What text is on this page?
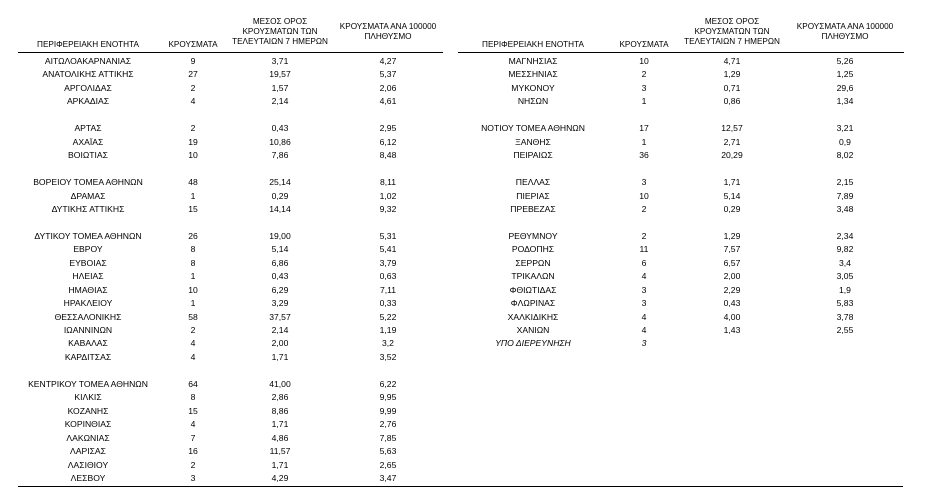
ΠΕΡΙΦΕΡΕΙΑΚΗ ΕΝΟΤΗΤΑ	ΚΡΟΥΣΜΑΤΑ
ΜΕΣΟΣ ΟΡΟΣ
ΚΡΟΥΣΜΑΤΩΝ ΤΩΝ
ΤΕΛΕΥΤΑΙΩΝ 7 ΗΜΕΡΩΝ
ΚΡΟΥΣΜΑΤΑ ΑΝΑ 100000
ΠΛΗΘΥΣΜΟ
ΑΙΤΩΛΟΑΚΑΡΝΑΝΙΑΣ	9	3,71	4,27
ΑΝΑΤΟΛΙΚΗΣ ΑΤΤΙΚΗΣ	27	19,57	5,37
ΑΡΓΟΛΙΔΑΣ	2	1,57	2,06
ΑΡΚΑΔΙΑΣ	4	2,14	4,61
ΑΡΤΑΣ	2	0,43	2,95
ΑΧΑΪΑΣ	19	10,86	6,12
ΒΟΙΩΤΙΑΣ	10	7,86	8,48
ΒΟΡΕΙΟΥ ΤΟΜΕΑ ΑΘΗΝΩΝ	48	25,14	8,11
ΔΡΑΜΑΣ	1	0,29	1,02
ΔΥΤΙΚΗΣ ΑΤΤΙΚΗΣ	15	14,14	9,32
ΔΥΤΙΚΟΥ ΤΟΜΕΑ ΑΘΗΝΩΝ	26	19,00	5,31
ΕΒΡΟΥ	8	5,14	5,41
ΕΥΒΟΙΑΣ	8	6,86	3,79
ΗΛΕΙΑΣ	1	0,43	0,63
ΗΜΑΘΙΑΣ	10	6,29	7,11
ΗΡΑΚΛΕΙΟΥ	1	3,29	0,33
ΘΕΣΣΑΛΟΝΙΚΗΣ	58	37,57	5,22
ΙΩΑΝΝΙΝΩΝ	2	2,14	1,19
ΚΑΒΑΛΑΣ	4	2,00	3,2
ΚΑΡΔΙΤΣΑΣ	4	1,71	3,52
ΚΕΝΤΡΙΚΟΥ ΤΟΜΕΑ ΑΘΗΝΩΝ	64	41,00	6,22
ΚΙΛΚΙΣ	8	2,86	9,95
ΚΟΖΑΝΗΣ	15	8,86	9,99
ΚΟΡΙΝΘΙΑΣ	4	1,71	2,76
ΛΑΚΩΝΙΑΣ	7	4,86	7,85
ΛΑΡΙΣΑΣ	16	11,57	5,63
ΛΑΣΙΘΙΟΥ	2	1,71	2,65
ΛΕΣΒΟΥ	3	4,29	3,47
ΠΕΡΙΦΕΡΕΙΑΚΗ ΕΝΟΤΗΤΑ	ΚΡΟΥΣΜΑΤΑ
ΜΕΣΟΣ ΟΡΟΣ
ΚΡΟΥΣΜΑΤΩΝ ΤΩΝ
ΤΕΛΕΥΤΑΙΩΝ 7 ΗΜΕΡΩΝ
ΚΡΟΥΣΜΑΤΑ ΑΝΑ 100000
ΠΛΗΘΥΣΜΟ
ΜΑΓΝΗΣΙΑΣ	10	4,71	5,26
ΜΕΣΣΗΝΙΑΣ	2	1,29	1,25
ΜΥΚΟΝΟΥ	3	0,71	29,6
ΝΗΣΩΝ	1	0,86	1,34
ΝΟΤΙΟΥ ΤΟΜΕΑ ΑΘΗΝΩΝ	17	12,57	3,21
ΞΑΝΘΗΣ	1	2,71	0,9
ΠΕΙΡΑΙΩΣ	36	20,29	8,02
ΠΕΛΛΑΣ	3	1,71	2,15
ΠΙΕΡΙΑΣ	10	5,14	7,89
ΠΡΕΒΕΖΑΣ	2	0,29	3,48
ΡΕΘΥΜΝΟΥ	2	1,29	2,34
ΡΟΔΟΠΗΣ	11	7,57	9,82
ΣΕΡΡΩΝ	6	6,57	3,4
ΤΡΙΚΑΛΩΝ	4	2,00	3,05
ΦΘΙΩΤΙΔΑΣ	3	2,29	1,9
ΦΛΩΡΙΝΑΣ	3	0,43	5,83
ΧΑΛΚΙΔΙΚΗΣ	4	4,00	3,78
ΧΑΝΙΩΝ	4	1,43	2,55
ΥΠΟ ΔΙΕΡΕΥΝΗΣΗ	3
